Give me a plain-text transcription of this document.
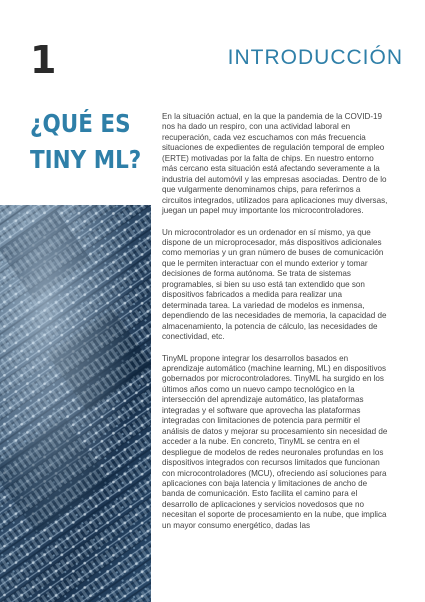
1	INTRODUCCIÓN
¿QUÉ ES
TINY ML?

En la situación actual, en la que la pandemia de la COVID-19 nos ha dado un respiro, con una actividad laboral en recuperación, cada vez escuchamos con más frecuencia situaciones de expedientes de regulación temporal de empleo (ERTE) motivadas por la falta de chips. En nuestro entorno más cercano esta situación está afectando severamente a la industria del automóvil y las empresas asociadas. Dentro de lo que vulgarmente denominamos chips, para referirnos a circuitos integrados, utilizados para aplicaciones muy diversas, juegan un papel muy importante los microcontroladores.

Un microcontrolador es un ordenador en sí mismo, ya que dispone de un microprocesador, más dispositivos adicionales como memorias y un gran número de buses de comunicación que le permiten interactuar con el mundo exterior y tomar decisiones de forma autónoma. Se trata de sistemas programables, si bien su uso está tan extendido que son dispositivos fabricados a medida para realizar una determinada tarea. La variedad de modelos es inmensa, dependiendo de las necesidades de memoria, la capacidad de almacenamiento, la potencia de cálculo, las necesidades de conectividad, etc.

TinyML propone integrar los desarrollos basados en aprendizaje automático (machine learning, ML) en dispositivos gobernados por microcontroladores. TinyML ha surgido en los últimos años como un nuevo campo tecnológico en la intersección del aprendizaje automático, las plataformas integradas y el software que aprovecha las plataformas integradas con limitaciones de potencia para permitir el análisis de datos y mejorar su procesamiento sin necesidad de acceder a la nube. En concreto, TinyML se centra en el despliegue de modelos de redes neuronales profundas en los dispositivos integrados con recursos limitados que funcionan con microcontroladores (MCU), ofreciendo así soluciones para aplicaciones con baja latencia y limitaciones de ancho de banda de comunicación. Esto facilita el camino para el desarrollo de aplicaciones y servicios novedosos que no necesitan el soporte de procesamiento en la nube, que implica un mayor consumo energético, dadas las
